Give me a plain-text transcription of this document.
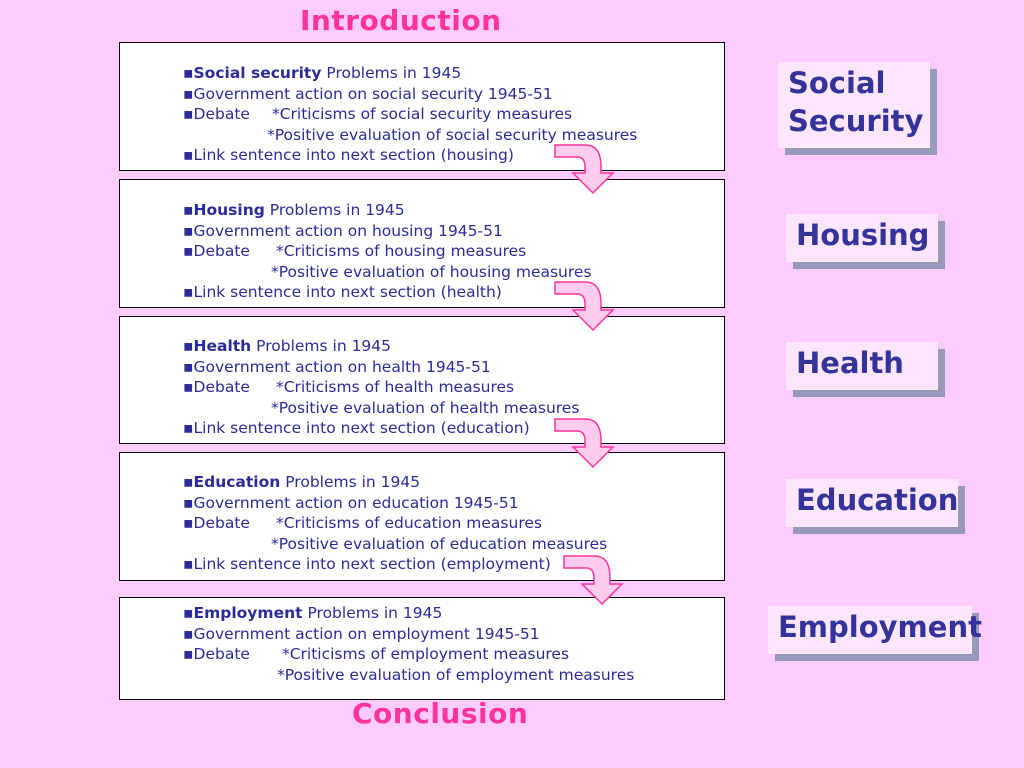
Introduction
▪Social security Problems in 1945
▪Government action on social security 1945-51
▪Debate *Criticisms of social security measures
*Positive evaluation of social security measures
▪Link sentence into next section (housing)
▪Housing Problems in 1945
▪Government action on housing 1945-51
▪Debate *Criticisms of housing measures
*Positive evaluation of housing measures
▪Link sentence into next section (health)
▪Health Problems in 1945
▪Government action on health 1945-51
▪Debate *Criticisms of health measures
*Positive evaluation of health measures
▪Link sentence into next section (education)
▪Education Problems in 1945
▪Government action on education 1945-51
▪Debate *Criticisms of education measures
*Positive evaluation of education measures
▪Link sentence into next section (employment)
▪Employment Problems in 1945
▪Government action on employment 1945-51
▪Debate *Criticisms of employment measures
*Positive evaluation of employment measures
Social Security
Housing
Health
Education
Employment
Conclusion
